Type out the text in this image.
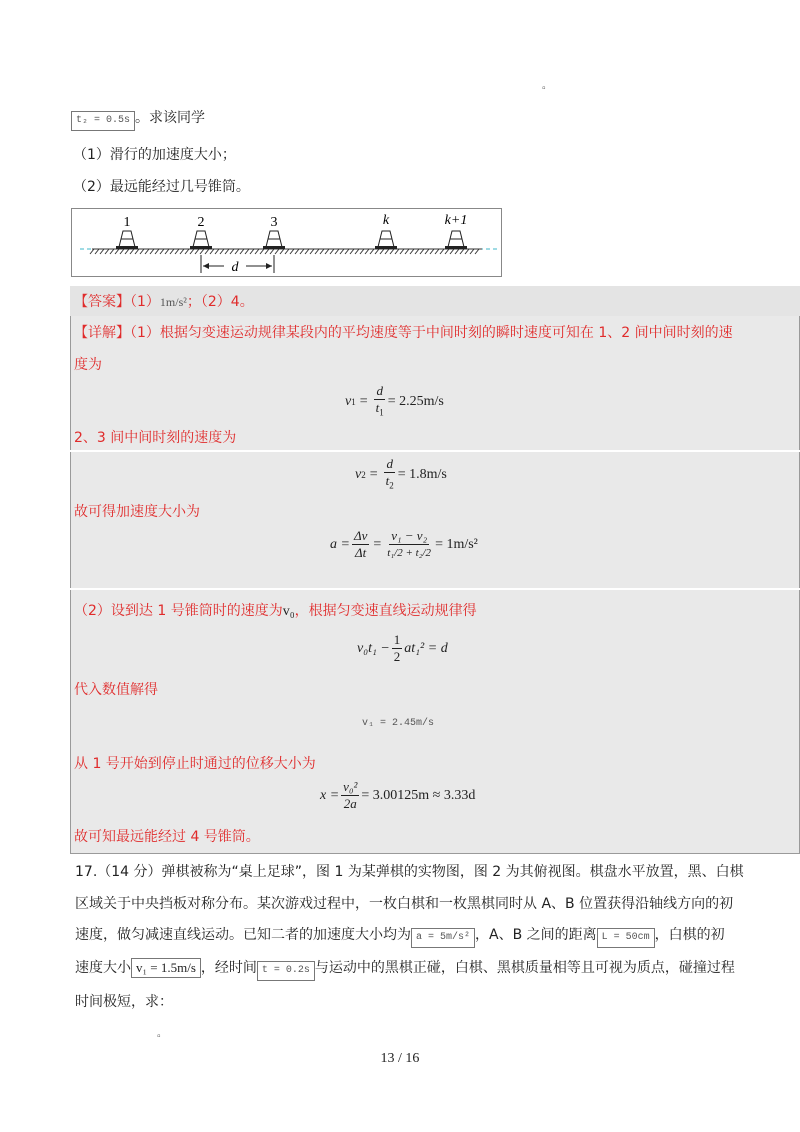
▫
t₂ = 0.5s 。求该同学
（1）滑行的加速度大小；
（2）最远能经过几号锥筒。
1	2	3	k	k+1
d
【答案】（1）1m/s²；（2）4。
【详解】（1）根据匀变速运动规律某段内的平均速度等于中间时刻的瞬时速度可知在 1、2 间中间时刻的速
度为
v $1 = \frac{d}{t_1} = 2.25m/s$
2、3 间中间时刻的速度为
v $2 = \frac{d}{t_2} = 1.8m/s$
故可得加速度大小为
$a = \frac{\Delta v}{\Delta t} = \frac{\text{v₁ − v₂}}{\text{t₁/2 + t₂/2}} = 1m/s^2$
（2）设到达 1 号锥筒时的速度为v₀，根据匀变速直线运动规律得
$v_0t_1 - \frac{1}{2} at_1^2 = d$
代入数值解得
v₁ = 2.45m/s
从 1 号开始到停止时通过的位移大小为
$x = \frac{\text{v₀²}}{2a} = 3.00125m \approx 3.33d$
故可知最远能经过 4 号锥筒。
17.（14 分）弹棋被称为“桌上足球”，图 1 为某弹棋的实物图，图 2 为其俯视图。棋盘水平放置，黑、白棋
区域关于中央挡板对称分布。某次游戏过程中，一枚白棋和一枚黑棋同时从 A、B 位置获得沿轴线方向的初
速度，做匀减速直线运动。已知二者的加速度大小均为 a = 5m/s² ，A、B 之间的距离 L = 50cm ，白棋的初
速度大小 v₁ = 1.5m/s ，经时间 t = 0.2s 与运动中的黑棋正碰，白棋、黑棋质量相等且可视为质点，碰撞过程
时间极短，求：
▫
13 / 16
